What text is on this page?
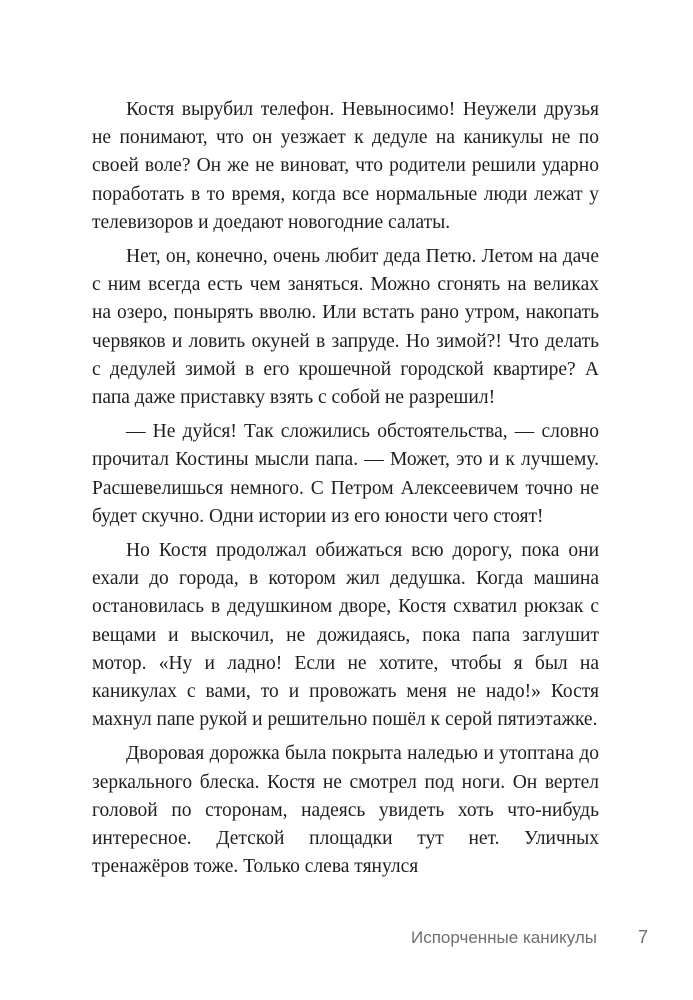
Костя вырубил телефон. Невыносимо! Неужели друзья не понимают, что он уезжает к дедуле на каникулы не по своей воле? Он же не виноват, что родители решили ударно поработать в то время, когда все нормальные люди лежат у телевизоров и доедают новогодние салаты.

Нет, он, конечно, очень любит деда Петю. Летом на даче с ним всегда есть чем заняться. Можно сгонять на великах на озеро, понырять вволю. Или встать рано утром, накопать червяков и ловить окуней в запруде. Но зимой?! Что делать с дедулей зимой в его крошечной городской квартире? А папа даже приставку взять с собой не разрешил!

— Не дуйся! Так сложились обстоятельства, — словно прочитал Костины мысли папа. — Может, это и к лучшему. Расшевелишься немного. С Петром Алексеевичем точно не будет скучно. Одни истории из его юности чего стоят!

Но Костя продолжал обижаться всю дорогу, пока они ехали до города, в котором жил дедушка. Когда машина остановилась в дедушкином дворе, Костя схватил рюкзак с вещами и выскочил, не дожидаясь, пока папа заглушит мотор. «Ну и ладно! Если не хотите, чтобы я был на каникулах с вами, то и провожать меня не надо!» Костя махнул папе рукой и решительно пошёл к серой пятиэтажке.

Дворовая дорожка была покрыта наледью и утоптана до зеркального блеска. Костя не смотрел под ноги. Он вертел головой по сторонам, надеясь увидеть хоть что-нибудь интересное. Детской площадки тут нет. Уличных тренажёров тоже. Только слева тянулся

Испорченные каникулы 7
